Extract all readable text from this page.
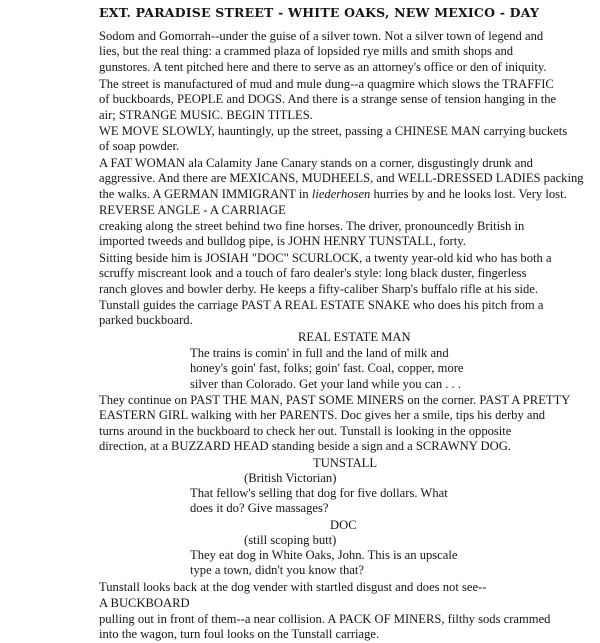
EXT. PARADISE STREET - WHITE OAKS, NEW MEXICO - DAY
Sodom and Gomorrah--under the guise of a silver town. Not a silver town of legend and
lies, but the real thing: a crammed plaza of lopsided rye mills and smith shops and
gunstores. A tent pitched here and there to serve as an attorney's office or den of iniquity.
The street is manufactured of mud and mule dung--a quagmire which slows the TRAFFIC
of buckboards, PEOPLE and DOGS. And there is a strange sense of tension hanging in the
air; STRANGE MUSIC. BEGIN TITLES.
WE MOVE SLOWLY, hauntingly, up the street, passing a CHINESE MAN carrying buckets
of soap powder.
A FAT WOMAN ala Calamity Jane Canary stands on a corner, disgustingly drunk and
aggressive. And there are MEXICANS, MUDHEELS, and WELL-DRESSED LADIES packing
the walks. A GERMAN IMMIGRANT in liederhosen hurries by and he looks lost. Very lost.
REVERSE ANGLE - A CARRIAGE
creaking along the street behind two fine horses. The driver, pronouncedly British in
imported tweeds and bulldog pipe, is JOHN HENRY TUNSTALL, forty.
Sitting beside him is JOSIAH "DOC" SCURLOCK, a twenty year-old kid who has both a
scruffy miscreant look and a touch of faro dealer's style: long black duster, fingerless
ranch gloves and bowler derby. He keeps a fifty-caliber Sharp's buffalo rifle at his side.
Tunstall guides the carriage PAST A REAL ESTATE SNAKE who does his pitch from a
parked buckboard.
REAL ESTATE MAN
The trains is comin' in full and the land of milk and
honey's goin' fast, folks; goin' fast. Coal, copper, more
silver than Colorado. Get your land while you can . . .
They continue on PAST THE MAN, PAST SOME MINERS on the corner. PAST A PRETTY
EASTERN GIRL walking with her PARENTS. Doc gives her a smile, tips his derby and
turns around in the buckboard to check her out. Tunstall is looking in the opposite
direction, at a BUZZARD HEAD standing beside a sign and a SCRAWNY DOG.
TUNSTALL
(British Victorian)
That fellow's selling that dog for five dollars. What
does it do? Give massages?
DOC
(still scoping butt)
They eat dog in White Oaks, John. This is an upscale
type a town, didn't you know that?
Tunstall looks back at the dog vender with startled disgust and does not see--
A BUCKBOARD
pulling out in front of them--a near collision. A PACK OF MINERS, filthy sods crammed
into the wagon, turn foul looks on the Tunstall carriage.
